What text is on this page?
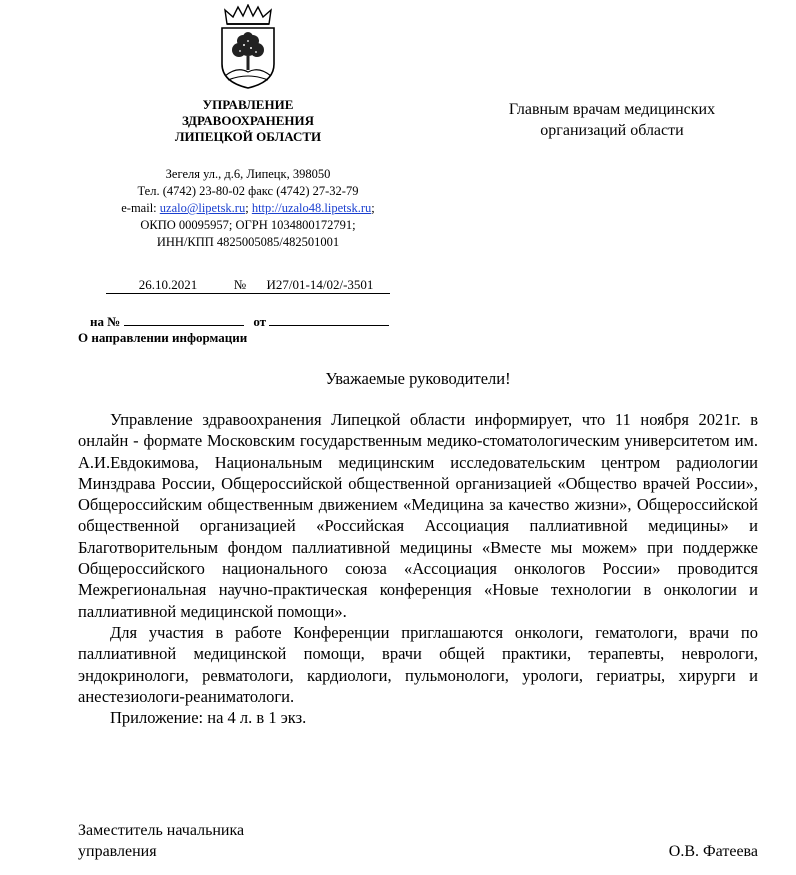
УПРАВЛЕНИЕ
ЗДРАВООХРАНЕНИЯ
ЛИПЕЦКОЙ ОБЛАСТИ
Зегеля ул., д.6, Липецк, 398050
Тел. (4742) 23-80-02 факс (4742) 27-32-79
e-mail: uzalo@lipetsk.ru; http://uzalo48.lipetsk.ru;
ОКПО 00095957; ОГРН 1034800172791;
ИНН/КПП 4825005085/482501001
26.10.2021	№ И27/01-14/02/-3501
на №	от
О направлении информации
Главным врачам медицинских
организаций области
Уважаемые руководители!

Управление здравоохранения Липецкой области информирует, что 11 ноября 2021г. в онлайн - формате Московским государственным медико-стоматологическим университетом им. А.И.Евдокимова, Национальным медицинским исследовательским центром радиологии Минздрава России, Общероссийской общественной организацией «Общество врачей России», Общероссийским общественным движением «Медицина за качество жизни», Общероссийской общественной организацией «Российская Ассоциация паллиативной медицины» и Благотворительным фондом паллиативной медицины «Вместе мы можем» при поддержке Общероссийского национального союза «Ассоциация онкологов России» проводится Межрегиональная научно-практическая конференция «Новые технологии в онкологии и паллиативной медицинской помощи».

Для участия в работе Конференции приглашаются онкологи, гематологи, врачи по паллиативной медицинской помощи, врачи общей практики, терапевты, неврологи, эндокринологи, ревматологи, кардиологи, пульмонологи, урологи, гериатры, хирурги и анестезиологи-реаниматологи.

Приложение: на 4 л. в 1 экз.

Заместитель начальника
управления	О.В. Фатеева
